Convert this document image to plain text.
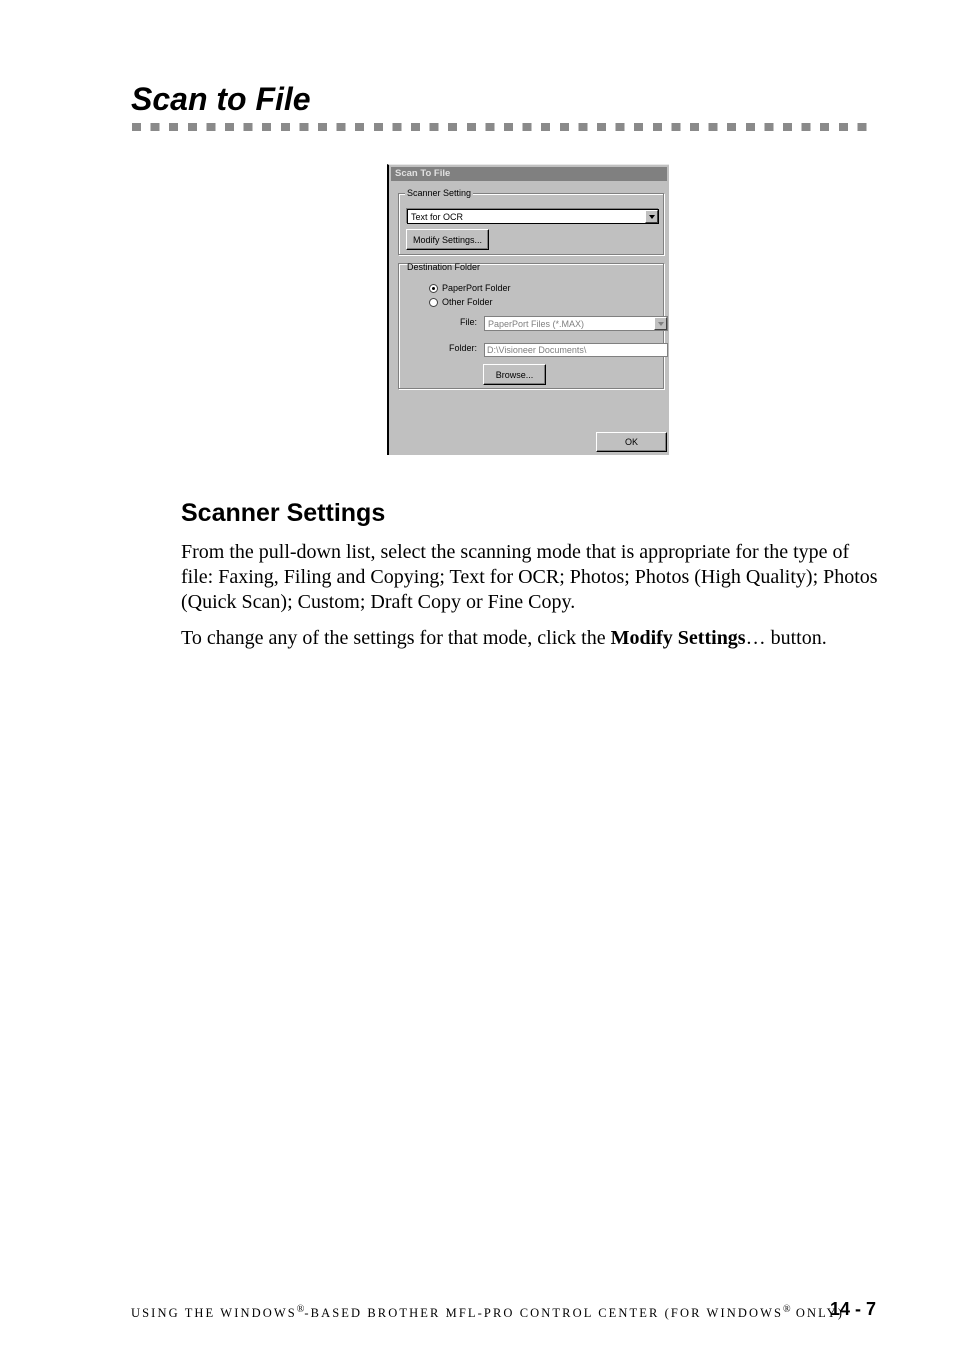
Scan to File
Scan To File
Scanner Setting
Text for OCR
Modify Settings...
Destination Folder
PaperPort Folder
Other Folder
File: PaperPort Files (*.MAX)
Folder:	D:\Visioneer Documents\
Browse...
OK
Scanner Settings

From the pull-down list, select the scanning mode that is appropriate for the type of file: Faxing, Filing and Copying; Text for OCR; Photos; Photos (High Quality); Photos (Quick Scan); Custom; Draft Copy or Fine Copy.

To change any of the settings for that mode, click the Modify Settings… button.

USING THE WINDOWS®-BASED BROTHER MFL-PRO CONTROL CENTER (FOR WINDOWS® ONLY)

14 - 7
